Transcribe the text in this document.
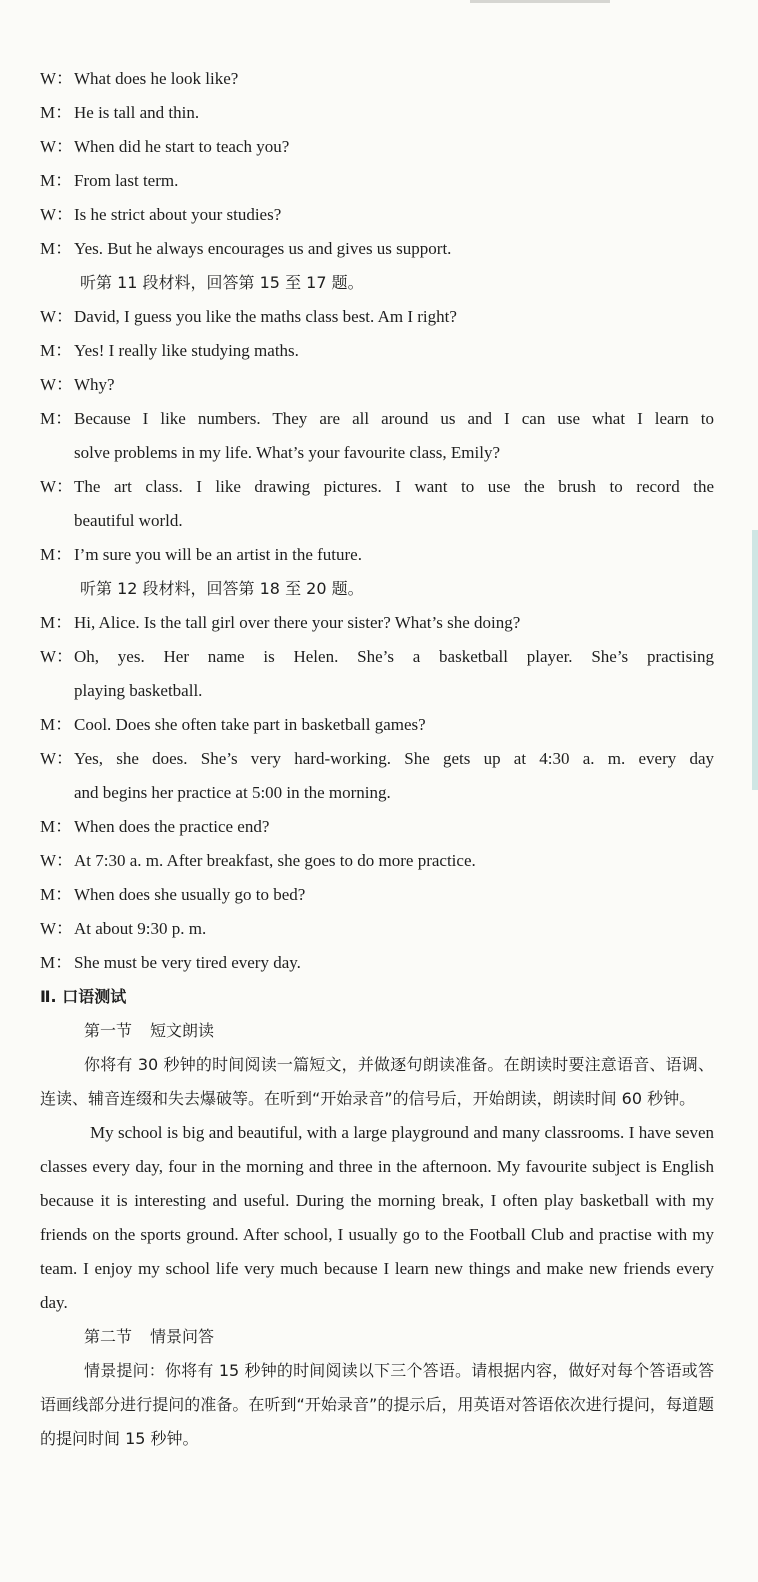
W： What does he look like?
M： He is tall and thin.
W： When did he start to teach you?
M： From last term.
W： Is he strict about your studies?
M： Yes. But he always encourages us and gives us support.
听第 11 段材料，回答第 15 至 17 题。
W： David, I guess you like the maths class best. Am I right?
M： Yes! I really like studying maths.
W： Why?
M： Because I like numbers. They are all around us and I can use what I learn to
solve problems in my life. What’s your favourite class, Emily?
W： The art class. I like drawing pictures. I want to use the brush to record the
beautiful world.
M： I’m sure you will be an artist in the future.
听第 12 段材料，回答第 18 至 20 题。
M： Hi, Alice. Is the tall girl over there your sister? What’s she doing?
W： Oh, yes. Her name is Helen. She’s a basketball player. She’s practising
playing basketball.
M： Cool. Does she often take part in basketball games?
W： Yes, she does. She’s very hard-working. She gets up at 4:30 a. m. every day
and begins her practice at 5:00 in the morning.
M： When does the practice end?
W： At 7:30 a. m. After breakfast, she goes to do more practice.
M： When does she usually go to bed?
W： At about 9:30 p. m.
M： She must be very tired every day.
Ⅱ. 口语测试
第一节 短文朗读

你将有 30 秒钟的时间阅读一篇短文，并做逐句朗读准备。在朗读时要注意语音、语调、连读、辅音连缀和失去爆破等。在听到“开始录音”的信号后，开始朗读，朗读时间 60 秒钟。

My school is big and beautiful, with a large playground and many classrooms. I have seven classes every day, four in the morning and three in the afternoon. My favourite subject is English because it is interesting and useful. During the morning break, I often play basketball with my friends on the sports ground. After school, I usually go to the Football Club and practise with my team. I enjoy my school life very much because I learn new things and make new friends every day.

第二节 情景问答

情景提问：你将有 15 秒钟的时间阅读以下三个答语。请根据内容，做好对每个答语或答语画线部分进行提问的准备。在听到“开始录音”的提示后，用英语对答语依次进行提问，每道题的提问时间 15 秒钟。
